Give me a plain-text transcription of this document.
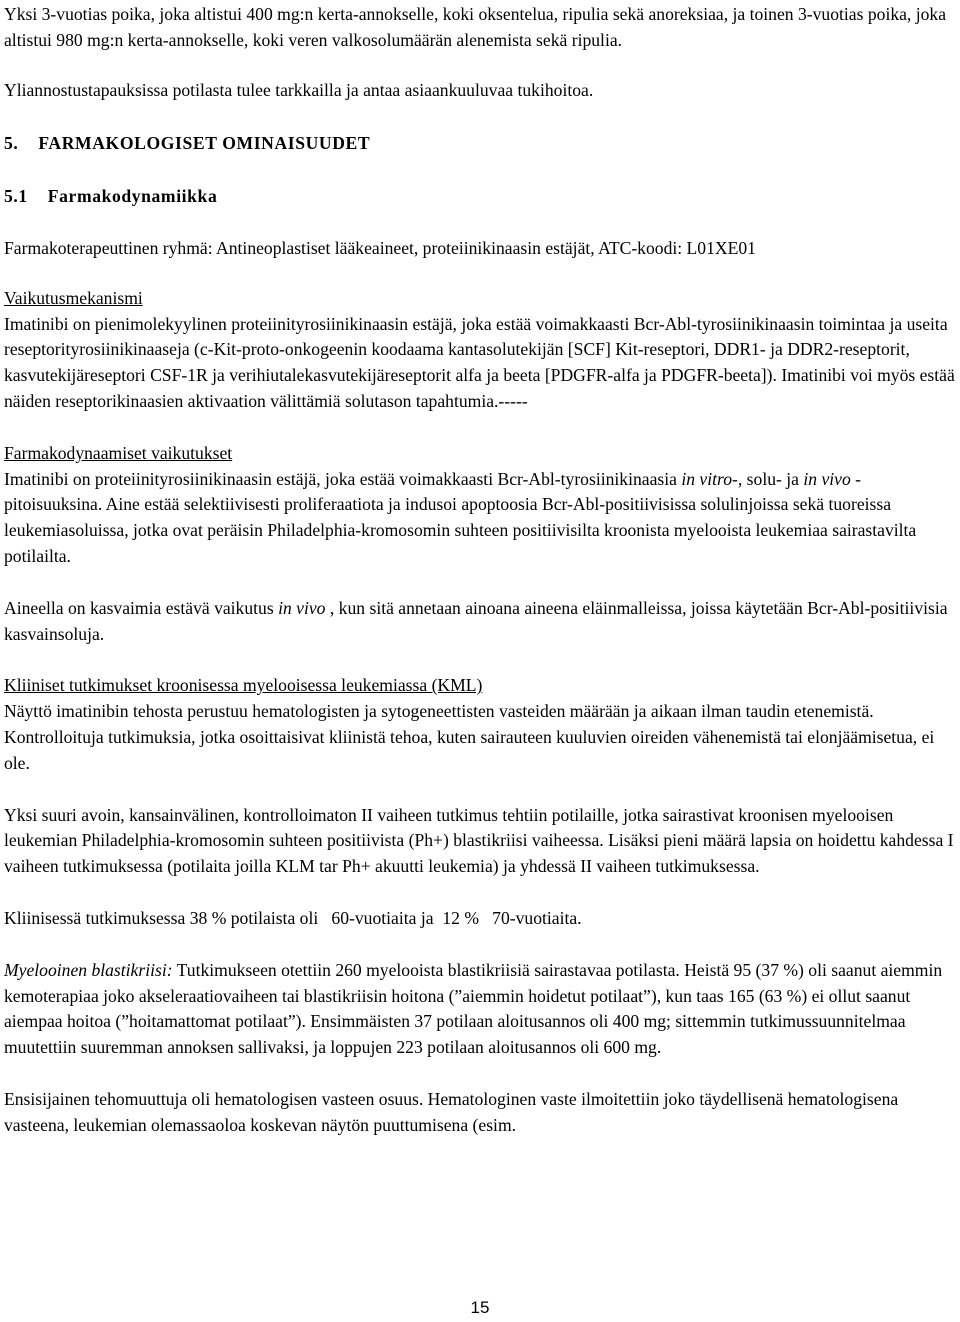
Yksi 3-vuotias poika, joka altistui 400 mg:n kerta-annokselle, koki oksentelua, ripulia sekä anoreksiaa, ja toinen 3-vuotias poika, joka altistui 980 mg:n kerta-annokselle, koki veren valkosolumäärän alenemista sekä ripulia.

Yliannostustapauksissa potilasta tulee tarkkailla ja antaa asiaankuuluvaa tukihoitoa.

5.    FARMAKOLOGISET OMINAISUUDET

5.1    Farmakodynamiikka

Farmakoterapeuttinen ryhmä: Antineoplastiset lääkeaineet, proteiinikinaasin estäjät, ATC-koodi: L01XE01

Vaikutusmekanismi

Imatinibi on pienimolekyylinen proteiinityrosiinikinaasin estäjä, joka estää voimakkaasti Bcr-Abl-tyrosiinikinaasin toimintaa ja useita reseptorityrosiinikinaaseja (c-Kit-proto-onkogeenin koodaama kantasolutekijän [SCF] Kit-reseptori, DDR1- ja DDR2-reseptorit, kasvutekijäreseptori CSF-1R ja verihiutalekasvutekijäreseptorit alfa ja beeta [PDGFR-alfa ja PDGFR-beeta]). Imatinibi voi myös estää näiden reseptorikinaasien aktivaation välittämiä solutason tapahtumia.-----

Farmakodynaamiset vaikutukset

Imatinibi on proteiinityrosiinikinaasin estäjä, joka estää voimakkaasti Bcr-Abl-tyrosiinikinaasia in vitro-, solu- ja in vivo -pitoisuuksina. Aine estää selektiivisesti proliferaatiota ja indusoi apoptoosia Bcr-Abl-positiivisissa solulinjoissa sekä tuoreissa leukemiasoluissa, jotka ovat peräisin Philadelphia-kromosomin suhteen positiivisilta kroonista myelooista leukemiaa sairastavilta potilailta.

Aineella on kasvaimia estävä vaikutus in vivo , kun sitä annetaan ainoana aineena eläinmalleissa, joissa käytetään Bcr-Abl-positiivisia kasvainsoluja.

Kliiniset tutkimukset kroonisessa myelooisessa leukemiassa (KML)

Näyttö imatinibin tehosta perustuu hematologisten ja sytogeneettisten vasteiden määrään ja aikaan ilman taudin etenemistä. Kontrolloituja tutkimuksia, jotka osoittaisivat kliinistä tehoa, kuten sairauteen kuuluvien oireiden vähenemistä tai elonjäämisetua, ei ole.

Yksi suuri avoin, kansainvälinen, kontrolloimaton II vaiheen tutkimus tehtiin potilaille, jotka sairastivat kroonisen myelooisen leukemian Philadelphia-kromosomin suhteen positiivista (Ph+) blastikriisi vaiheessa. Lisäksi pieni määrä lapsia on hoidettu kahdessa I vaiheen tutkimuksessa (potilaita joilla KLM tar Ph+ akuutti leukemia) ja yhdessä II vaiheen tutkimuksessa.

Kliinisessä tutkimuksessa 38 % potilaista oli   60-vuotiaita ja  12 %   70-vuotiaita.

Myelooinen blastikriisi: Tutkimukseen otettiin 260 myelooista blastikriisiä sairastavaa potilasta. Heistä 95 (37 %) oli saanut aiemmin kemoterapiaa joko akseleraatiovaiheen tai blastikriisin hoitona (”aiemmin hoidetut potilaat”), kun taas 165 (63 %) ei ollut saanut aiempaa hoitoa (”hoitamattomat potilaat”). Ensimmäisten 37 potilaan aloitusannos oli 400 mg; sittemmin tutkimussuunnitelmaa muutettiin suuremman annoksen sallivaksi, ja loppujen 223 potilaan aloitusannos oli 600 mg.

Ensisijainen tehomuuttuja oli hematologisen vasteen osuus. Hematologinen vaste ilmoitettiin joko täydellisenä hematologisena vasteena, leukemian olemassaoloa koskevan näytön puuttumisena (esim.

15
